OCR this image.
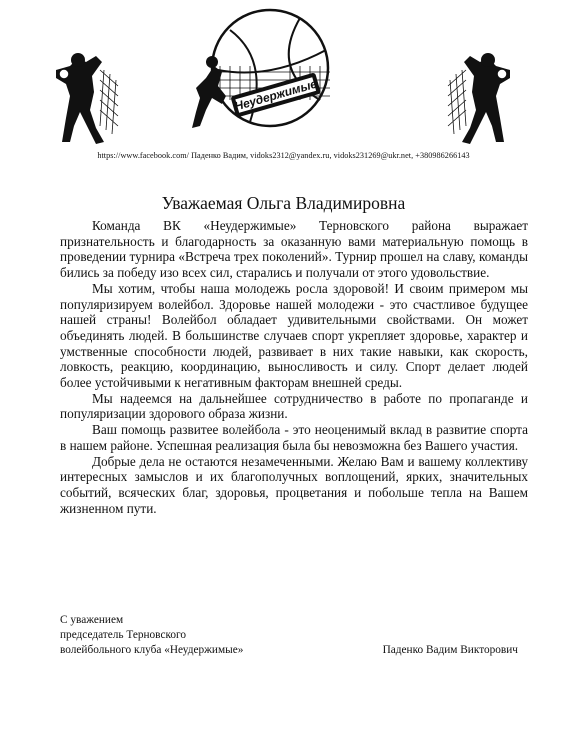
Неудержимые
https://www.facebook.com/ Паденко Вадим, vidoks2312@yandex.ru, vidoks231269@ukr.net, +380986266143
Уважаемая Ольга Владимировна

Команда ВК «Неудержимые» Терновского района выражает признательность и благодарность за оказанную вами материальную помощь в проведении турнира «Встреча трех поколений». Турнир прошел на славу, команды бились за победу изо всех сил, старались и получали от этого удовольствие.

Мы хотим, чтобы наша молодежь росла здоровой! И своим примером мы популяризируем волейбол. Здоровье нашей молодежи - это счастливое будущее нашей страны! Волейбол обладает удивительными свойствами. Он может объединять людей. В большинстве случаев спорт укрепляет здоровье, характер и умственные способности людей, развивает в них такие навыки, как скорость, ловкость, реакцию, координацию, выносливость и силу. Спорт делает людей более устойчивыми к негативным факторам внешней среды.

Мы надеемся на дальнейшее сотрудничество в работе по пропаганде и популяризации здорового образа жизни.

Ваш помощь развитее волейбола - это неоценимый вклад в развитие спорта в нашем районе. Успешная реализация была бы невозможна без Вашего участия.

Добрые дела не остаются незамеченными. Желаю Вам и вашему коллективу интересных замыслов и их благополучных воплощений, ярких, значительных событий, всяческих благ, здоровья, процветания и побольше тепла на Вашем жизненном пути.

С уважением
председатель Терновского
волейбольного клуба «Неудержимые»	Паденко Вадим Викторович
